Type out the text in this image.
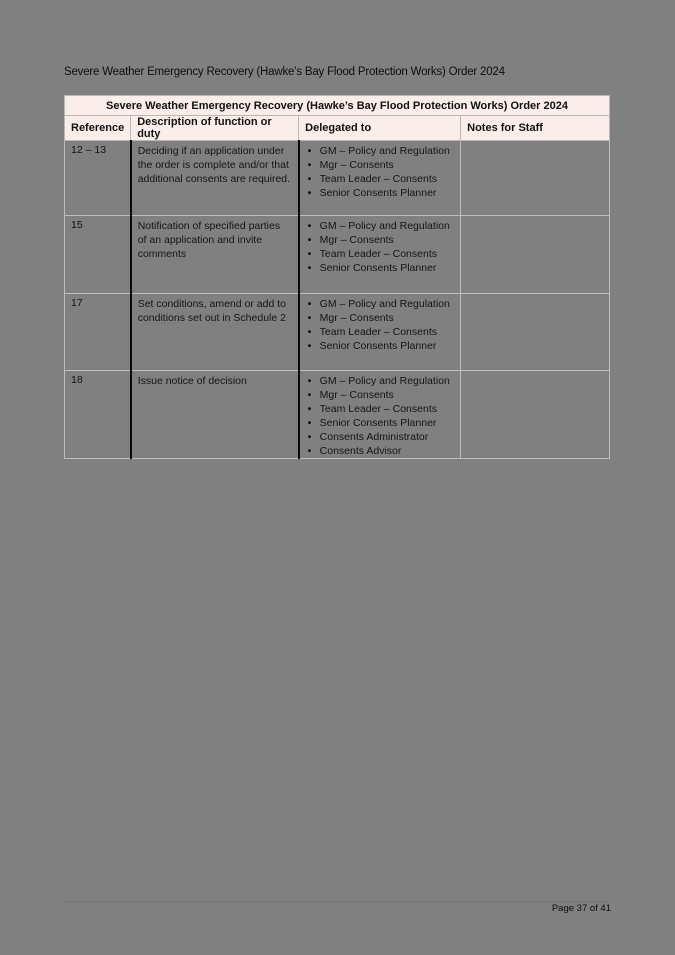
Severe Weather Emergency Recovery (Hawke’s Bay Flood Protection Works) Order 2024
Severe Weather Emergency Recovery (Hawke’s Bay Flood Protection Works) Order 2024			
Reference	Description of function or duty	Delegated to	Notes for Staff
12 – 13	Deciding if an application under the order is complete and/or that additional consents are required.

• GM – Policy and Regulation
• Mgr – Consents
• Team Leader – Consents
• Senior Consents Planner

15	Notification of specified parties of an application and invite comments

• GM – Policy and Regulation
• Mgr – Consents
• Team Leader – Consents
• Senior Consents Planner

17	Set conditions, amend or add to conditions set out in Schedule 2

• GM – Policy and Regulation
• Mgr – Consents
• Team Leader – Consents
• Senior Consents Planner

18	Issue notice of decision

•GM – Policy and Regulation
• Mgr – Consents
• Team Leader – Consents
• Senior Consents Planner
• Consents Administrator
• Consents Advisor

Page 37 of 41
